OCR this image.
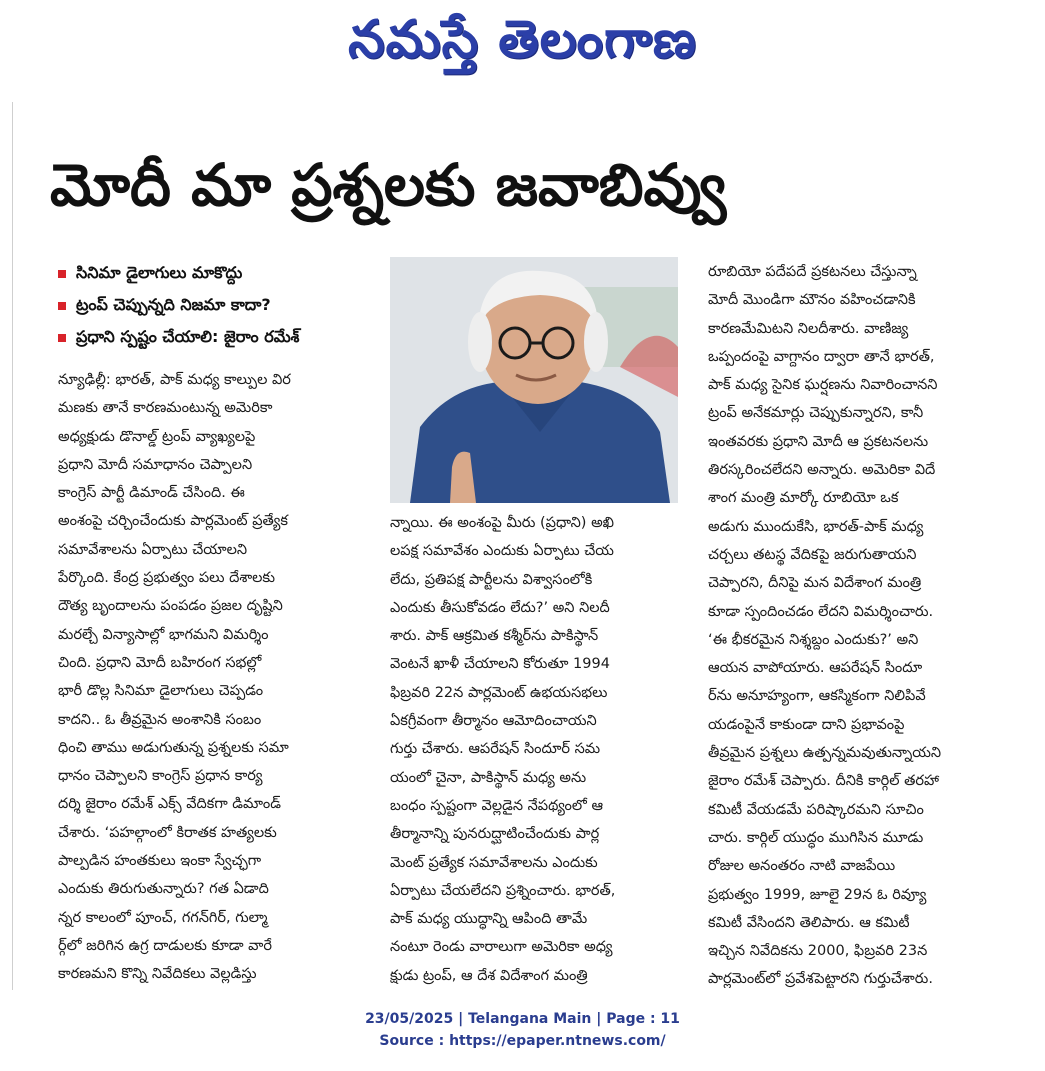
నమస్తే తెలంగాణ
మోదీ మా ప్రశ్నలకు జవాబివ్వు
సినిమా డైలాగులు మాకొద్దు
ట్రంప్ చెప్పున్నది నిజమా కాదా?
ప్రధాని స్పష్టం చేయాలి: జైరాం రమేశ్
న్యూఢిల్లీ: భారత్, పాక్ మధ్య కాల్పుల విర
మణకు తానే కారణమంటున్న అమెరికా
అధ్యక్షుడు డొనాల్డ్ ట్రంప్ వ్యాఖ్యలపై
ప్రధాని మోదీ సమాధానం చెప్పాలని
కాంగ్రెస్ పార్టీ డిమాండ్ చేసింది. ఈ
అంశంపై చర్చించేందుకు పార్లమెంట్ ప్రత్యేక
సమావేశాలను ఏర్పాటు చేయాలని
పేర్కొంది. కేంద్ర ప్రభుత్వం పలు దేశాలకు
దౌత్య బృందాలను పంపడం ప్రజల దృష్టిని
మరల్చే విన్యాసాల్లో భాగమని విమర్శిం
చింది. ప్రధాని మోదీ బహిరంగ సభల్లో
భారీ డొల్ల సినిమా డైలాగులు చెప్పడం
కాదని.. ఓ తీవ్రమైన అంశానికి సంబం
ధించి తాము అడుగుతున్న ప్రశ్నలకు సమా
ధానం చెప్పాలని కాంగ్రెస్ ప్రధాన కార్య
దర్శి జైరాం రమేశ్ ఎక్స్ వేదికగా డిమాండ్
చేశారు. ‘పహల్గాంలో కిరాతక హత్యలకు
పాల్పడిన హంతకులు ఇంకా స్వేచ్ఛగా
ఎందుకు తిరుగుతున్నారు? గత ఏడాది
న్నర కాలంలో పూంచ్, గగన్‌గిర్, గుల్మా
ర్గ్‌లో జరిగిన ఉగ్ర దాడులకు కూడా వారే
కారణమని కొన్ని నివేదికలు వెల్లడిస్తు
న్నాయి. ఈ అంశంపై మీరు (ప్రధాని) అఖి
లపక్ష సమావేశం ఎందుకు ఏర్పాటు చేయ
లేదు, ప్రతిపక్ష పార్టీలను విశ్వాసంలోకి
ఎందుకు తీసుకోవడం లేదు?’ అని నిలదీ
శారు. పాక్ ఆక్రమిత కశ్మీర్‌ను పాకిస్థాన్
వెంటనే ఖాళీ చేయాలని కోరుతూ 1994
ఫిబ్రవరి 22న పార్లమెంట్ ఉభయసభలు
ఏకగ్రీవంగా తీర్మానం ఆమోదించాయని
గుర్తు చేశారు. ఆపరేషన్ సిందూర్ సమ
యంలో చైనా, పాకిస్థాన్ మధ్య అను
బంధం స్పష్టంగా వెల్లడైన నేపథ్యంలో ఆ
తీర్మానాన్ని పునరుద్ఘాటించేందుకు పార్ల
మెంట్ ప్రత్యేక సమావేశాలను ఎందుకు
ఏర్పాటు చేయలేదని ప్రశ్నించారు. భారత్,
పాక్ మధ్య యుద్ధాన్ని ఆపింది తామే
నంటూ రెండు వారాలుగా అమెరికా అధ్య
క్షుడు ట్రంప్, ఆ దేశ విదేశాంగ మంత్రి
రూబియో పదేపదే ప్రకటనలు చేస్తున్నా
మోదీ మొండిగా మౌనం వహించడానికి
కారణమేమిటని నిలదీశారు. వాణిజ్య
ఒప్పందంపై వాగ్దానం ద్వారా తానే భారత్,
పాక్ మధ్య సైనిక ఘర్షణను నివారించానని
ట్రంప్ అనేకమార్లు చెప్పుకున్నారని, కానీ
ఇంతవరకు ప్రధాని మోదీ ఆ ప్రకటనలను
తిరస్కరించలేదని అన్నారు. అమెరికా విదే
శాంగ మంత్రి మార్కో రూబియో ఒక
అడుగు ముందుకేసి, భారత్-పాక్ మధ్య
చర్చలు తటస్థ వేదికపై జరుగుతాయని
చెప్పారని, దీనిపై మన విదేశాంగ మంత్రి
కూడా స్పందించడం లేదని విమర్శించారు.
‘ఈ భీకరమైన నిశ్శబ్దం ఎందుకు?’ అని
ఆయన వాపోయారు. ఆపరేషన్ సిందూ
ర్‌ను అనూహ్యంగా, ఆకస్మికంగా నిలిపివే
యడంపైనే కాకుండా దాని ప్రభావంపై
తీవ్రమైన ప్రశ్నలు ఉత్పన్నమవుతున్నాయని
జైరాం రమేశ్ చెప్పారు. దీనికి కార్గిల్ తరహా
కమిటీ వేయడమే పరిష్కారమని సూచిం
చారు. కార్గిల్ యుద్ధం ముగిసిన మూడు
రోజుల అనంతరం నాటి వాజపేయి
ప్రభుత్వం 1999, జూలై 29న ఓ రివ్యూ
కమిటీ వేసిందని తెలిపారు. ఆ కమిటీ
ఇచ్చిన నివేదికను 2000, ఫిబ్రవరి 23న
పార్లమెంట్‌లో ప్రవేశపెట్టారని గుర్తుచేశారు.
23/05/2025 | Telangana Main | Page : 11
Source : https://epaper.ntnews.com/
